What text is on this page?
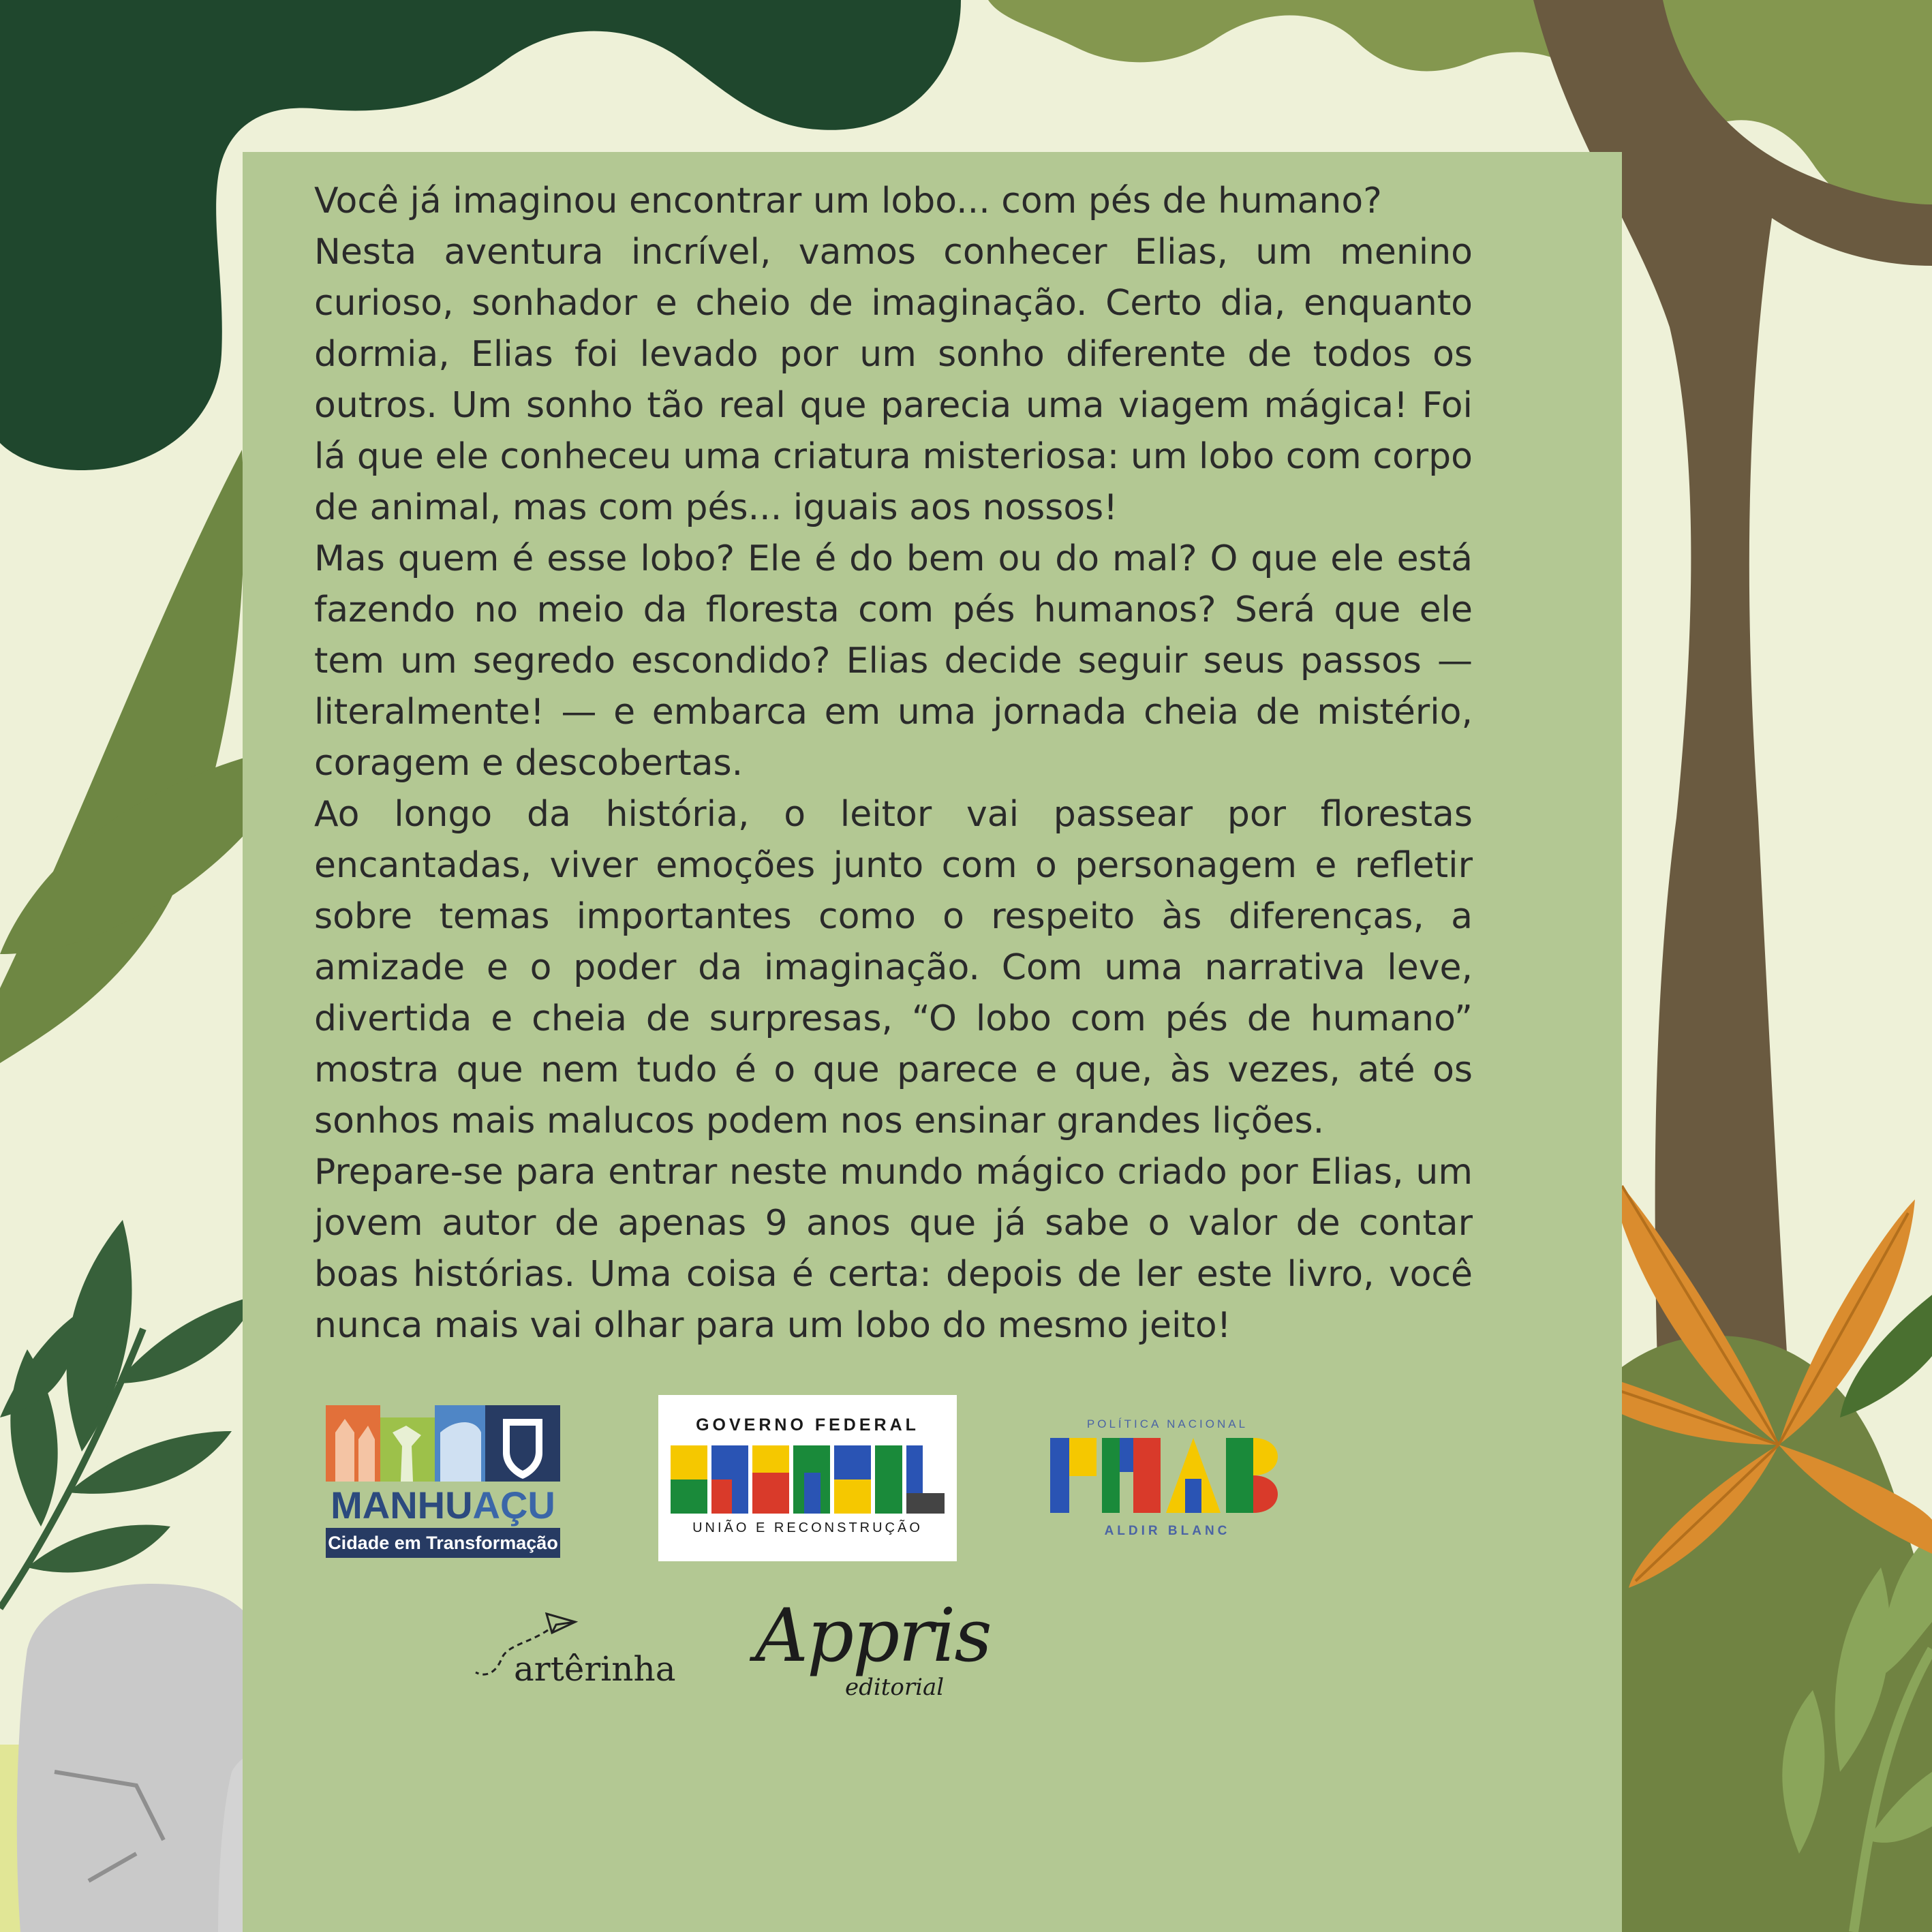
Você já imaginou encontrar um lobo... com pés de humano?

Nesta aventura incrível, vamos conhecer Elias, um menino curioso, sonhador e cheio de imaginação. Certo dia, enquanto dormia, Elias foi levado por um sonho diferente de todos os outros. Um sonho tão real que parecia uma viagem mágica! Foi lá que ele conheceu uma criatura misteriosa: um lobo com corpo de animal, mas com pés... iguais aos nossos!

Mas quem é esse lobo? Ele é do bem ou do mal? O que ele está fazendo no meio da floresta com pés humanos? Será que ele tem um segredo escondido? Elias decide seguir seus passos — literalmente! — e embarca em uma jornada cheia de mistério, coragem e descobertas.

Ao longo da história, o leitor vai passear por florestas encantadas, viver emoções junto com o personagem e refletir sobre temas importantes como o respeito às diferenças, a amizade e o poder da imaginação. Com uma narrativa leve, divertida e cheia de surpresas, “O lobo com pés de humano” mostra que nem tudo é o que parece e que, às vezes, até os sonhos mais malucos podem nos ensinar grandes lições.

Prepare-se para entrar neste mundo mágico criado por Elias, um jovem autor de apenas 9 anos que já sabe o valor de contar boas histórias. Uma coisa é certa: depois de ler este livro, você nunca mais vai olhar para um lobo do mesmo jeito!

MANHUAÇU
Cidade em Transformação
GOVERNO FEDERAL
UNIÃO E RECONSTRUÇÃO
POLÍTICA NACIONAL
ALDIR BLANC
artêrinha Appris
editorial
